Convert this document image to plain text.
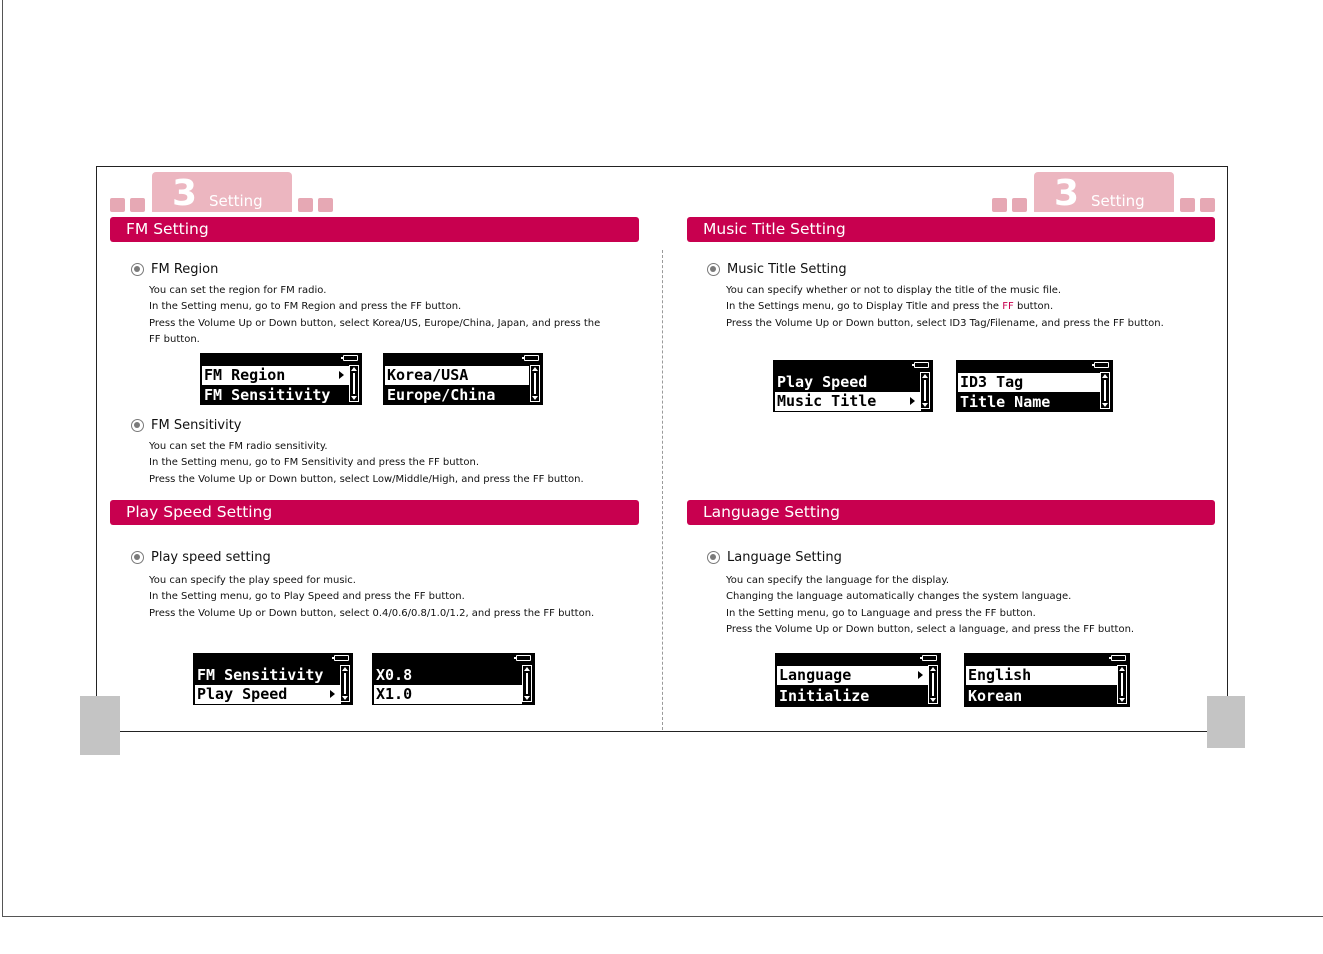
3 Setting	3 Setting
FM Setting
FM Region

You can set the region for FM radio.

In the Setting menu, go to FM Region and press the FF button.

Press the Volume Up or Down button, select Korea/US, Europe/China, Japan, and press the

FF button.

FM Region
FM Sensitivity
Korea/USA
Europe/China
FM Sensitivity

You can set the FM radio sensitivity.

In the Setting menu, go to FM Sensitivity and press the FF button.

Press the Volume Up or Down button, select Low/Middle/High, and press the FF button.

Play Speed Setting
Play speed setting

You can specify the play speed for music.

In the Setting menu, go to Play Speed and press the FF button.

Press the Volume Up or Down button, select 0.4/0.6/0.8/1.0/1.2, and press the FF button.

FM Sensitivity
Play Speed
X0.8
X1.0
Music Title Setting
Music Title Setting

You can specify whether or not to display the title of the music file.

In the Settings menu, go to Display Title and press the FF button.

Press the Volume Up or Down button, select ID3 Tag/Filename, and press the FF button.

Play Speed
Music Title
ID3 Tag
Title Name
Language Setting
Language Setting

You can specify the language for the display.

Changing the language automatically changes the system language.

In the Setting menu, go to Language and press the FF button.

Press the Volume Up or Down button, select a language, and press the FF button.

Language
Initialize
English
Korean
